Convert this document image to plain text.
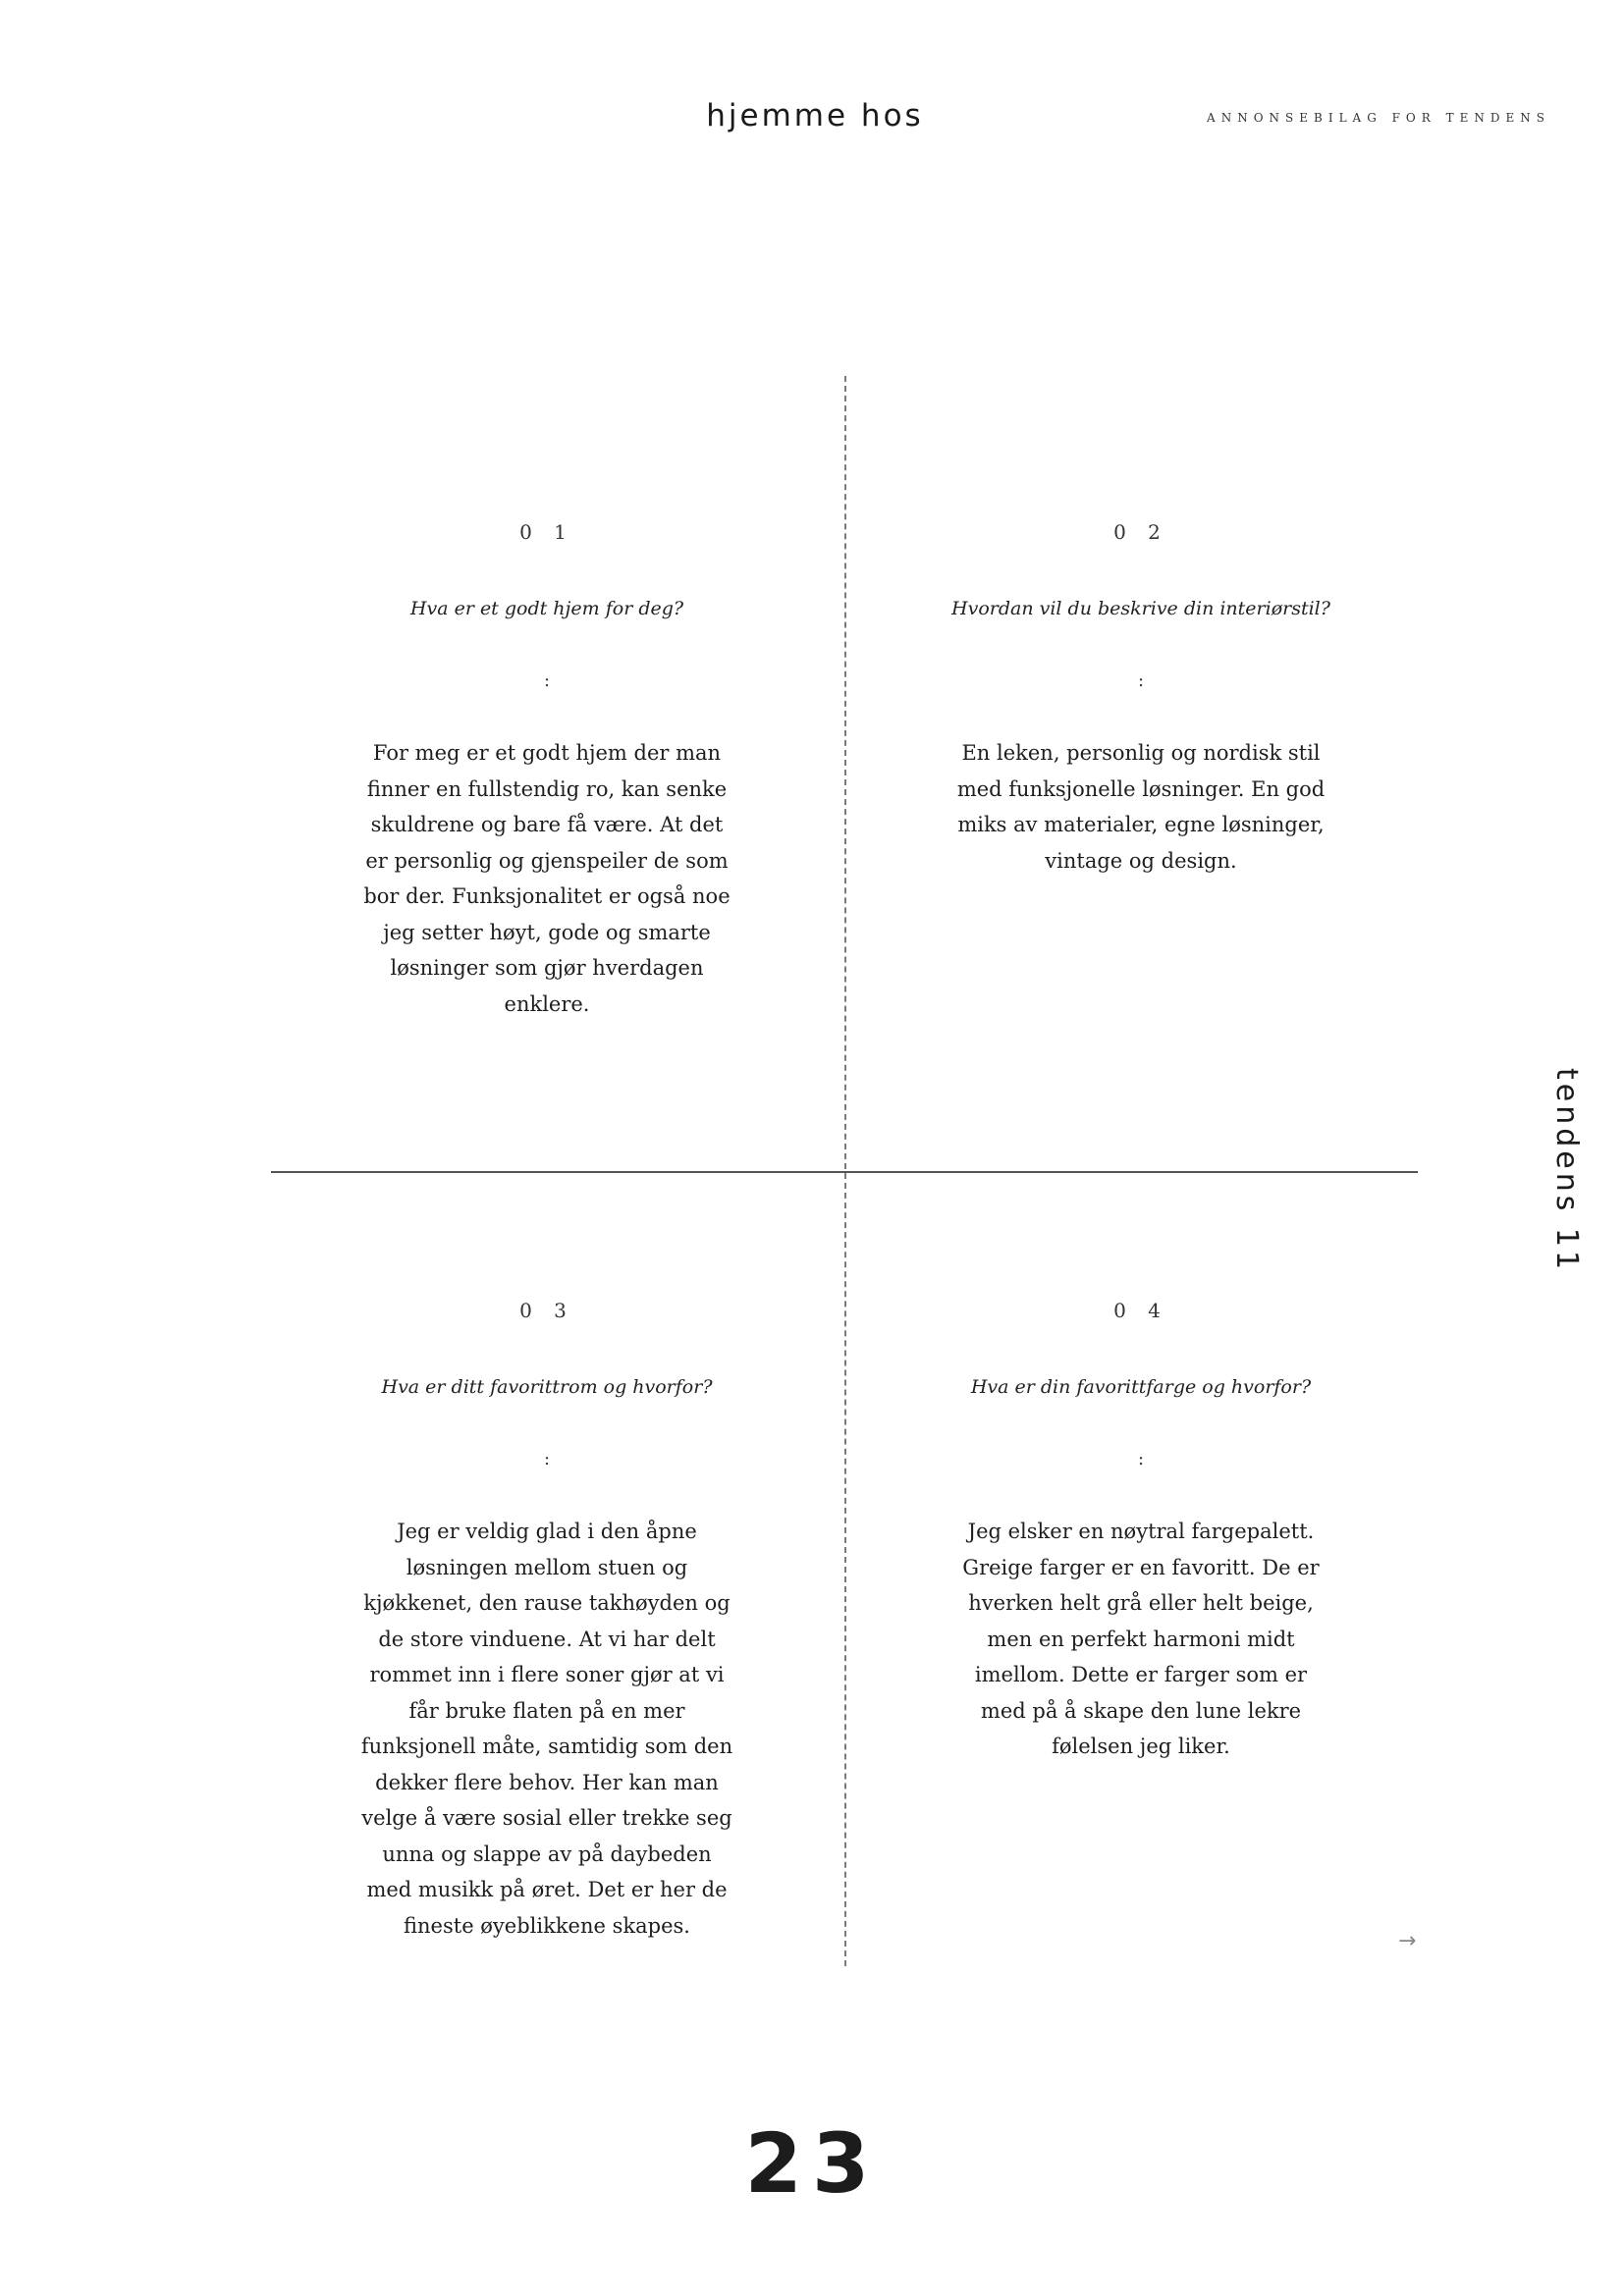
hjemme hos	ANNONSEBILAG FOR TENDENS
0 1
Hva er et godt hjem for deg?
:
For meg er et godt hjem der man finner en fullstendig ro, kan senke skuldrene og bare få være. At det er personlig og gjenspeiler de som bor der. Funksjonalitet er også noe jeg setter høyt, gode og smarte løsninger som gjør hverdagen enklere.
0 2
Hvordan vil du beskrive din interiørstil?
:
En leken, personlig og nordisk stil med funksjonelle løsninger. En god miks av materialer, egne løsninger, vintage og design.
0 3
Hva er ditt favorittrom og hvorfor?
:
Jeg er veldig glad i den åpne løsningen mellom stuen og kjøkkenet, den rause takhøyden og de store vinduene. At vi har delt rommet inn i flere soner gjør at vi får bruke flaten på en mer funksjonell måte, samtidig som den dekker flere behov. Her kan man velge å være sosial eller trekke seg unna og slappe av på daybeden med musikk på øret. Det er her de fineste øyeblikkene skapes.
0 4
Hva er din favorittfarge og hvorfor?
:
Jeg elsker en nøytral fargepalett. Greige farger er en favoritt. De er hverken helt grå eller helt beige, men en perfekt harmoni midt imellom. Dette er farger som er med på å skape den lune lekre følelsen jeg liker.
tendens 11
→
23
